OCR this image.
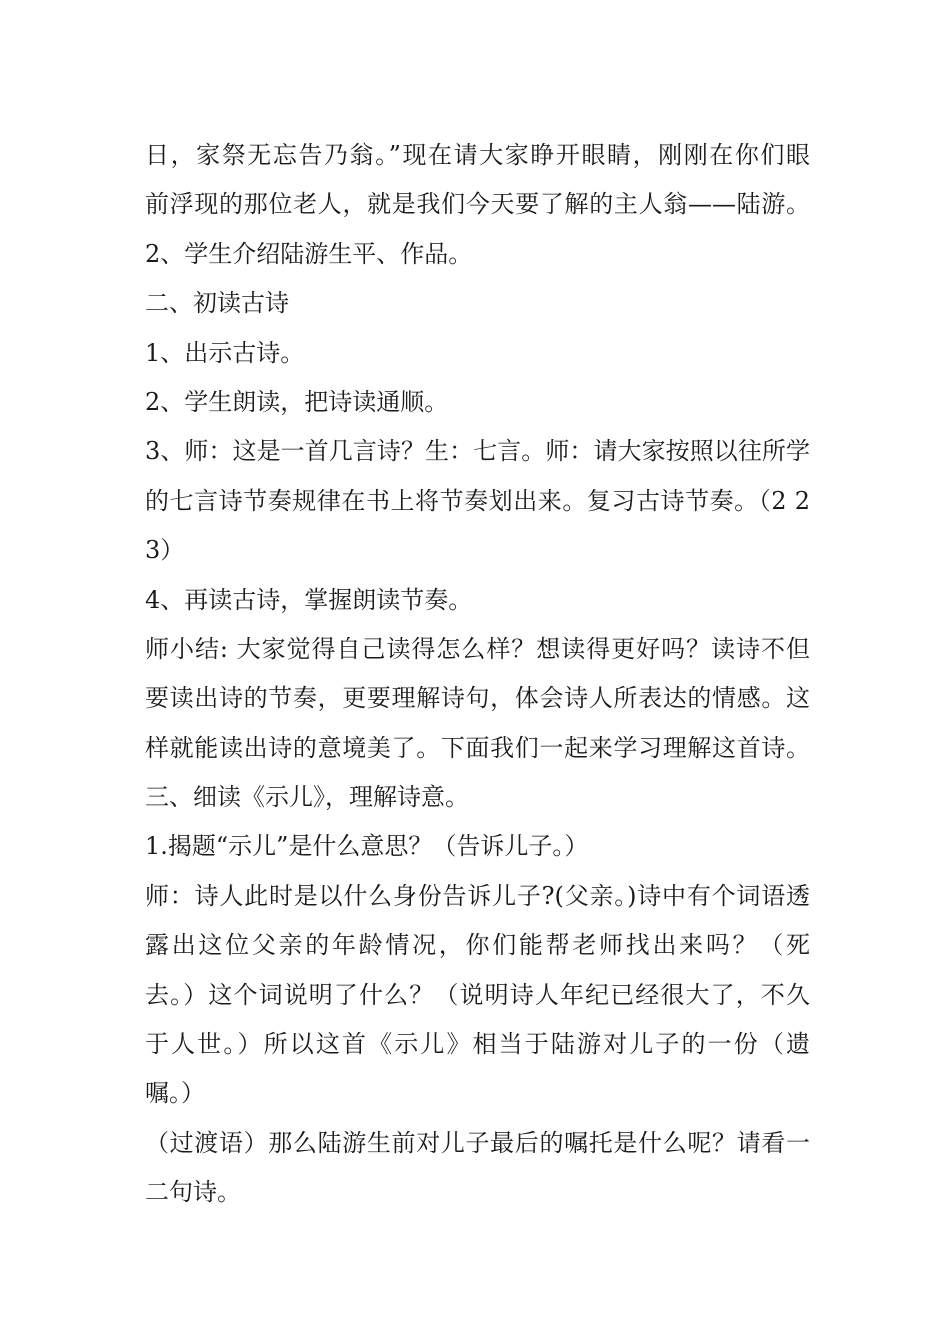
日，家祭无忘告乃翁。”现在请大家睁开眼睛，刚刚在你们眼
前浮现的那位老人，就是我们今天要了解的主人翁——陆游。
2、学生介绍陆游生平、作品。
二、初读古诗
1、出示古诗。
2、学生朗读，把诗读通顺。
3、师：这是一首几言诗？生：七言。师：请大家按照以往所学
的七言诗节奏规律在书上将节奏划出来。复习古诗节奏。（2 2
3）
4、再读古诗，掌握朗读节奏。
师小结: 大家觉得自己读得怎么样？想读得更好吗？读诗不但
要读出诗的节奏，更要理解诗句，体会诗人所表达的情感。这
样就能读出诗的意境美了。下面我们一起来学习理解这首诗。
三、细读《示儿》，理解诗意。
1.揭题“示儿”是什么意思？（告诉儿子。）
师：诗人此时是以什么身份告诉儿子?(父亲。)诗中有个词语透
露出这位父亲的年龄情况，你们能帮老师找出来吗？（死
去。）这个词说明了什么？（说明诗人年纪已经很大了，不久
于人世。）所以这首《示儿》相当于陆游对儿子的一份（遗
嘱。）
（过渡语）那么陆游生前对儿子最后的嘱托是什么呢？请看一
二句诗。
